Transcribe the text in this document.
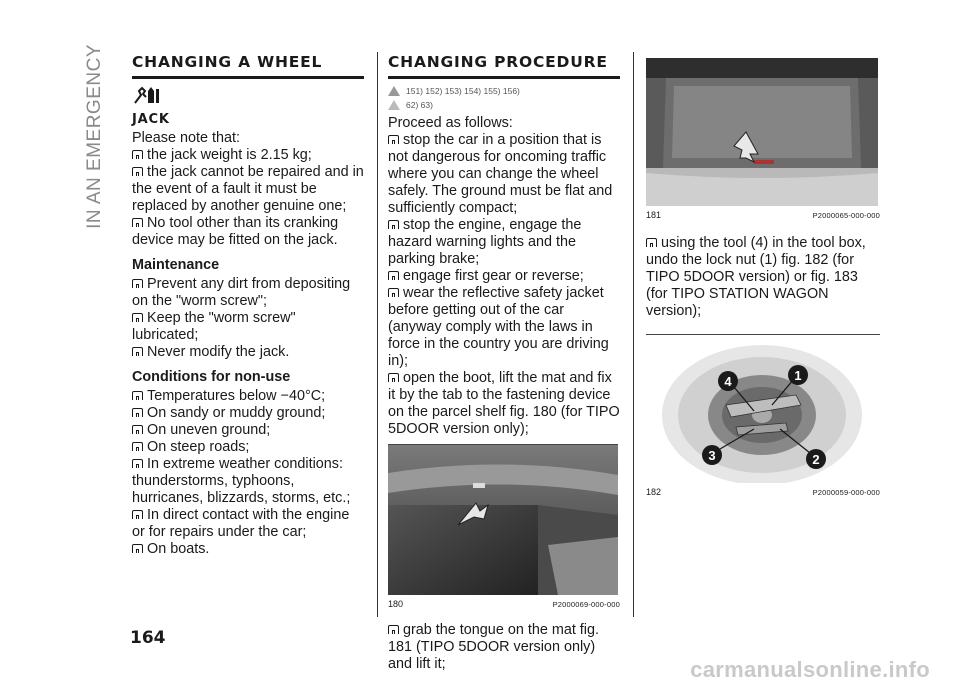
IN AN EMERGENCY CHANGING A WHEEL
JACK

Please note that:

the jack weight is 2.15 kg;

the jack cannot be repaired and in the event of a fault it must be replaced by another genuine one;

No tool other than its cranking device may be fitted on the jack.

Maintenance

Prevent any dirt from depositing on the "worm screw";

Keep the "worm screw" lubricated;

Never modify the jack.

Conditions for non-use

Temperatures below −40°C;

On sandy or muddy ground;

On uneven ground;

On steep roads;

In extreme weather conditions: thunderstorms, typhoons, hurricanes, blizzards, storms, etc.;

In direct contact with the engine or for repairs under the car;

On boats.

CHANGING PROCEDURE
151) 152) 153) 154) 155) 156)
62) 63)

Proceed as follows:

stop the car in a position that is not dangerous for oncoming traffic where you can change the wheel safely. The ground must be flat and sufficiently compact;

stop the engine, engage the hazard warning lights and the parking brake;

engage first gear or reverse;

wear the reflective safety jacket before getting out of the car (anyway comply with the laws in force in the country you are driving in);

open the boot, lift the mat and fix it by the tab to the fastening device on the parcel shelf fig. 180 (for TIPO 5DOOR version only);

180	P2000069-000-000

grab the tongue on the mat fig. 181 (TIPO 5DOOR version only) and lift it;

181	P2000065-000-000

using the tool (4) in the tool box, undo the lock nut (1) fig. 182 (for TIPO 5DOOR version) or fig. 183 (for TIPO STATION WAGON version);

1
2
3
4
182	P2000059-000-000
164
carmanualsonline.info
